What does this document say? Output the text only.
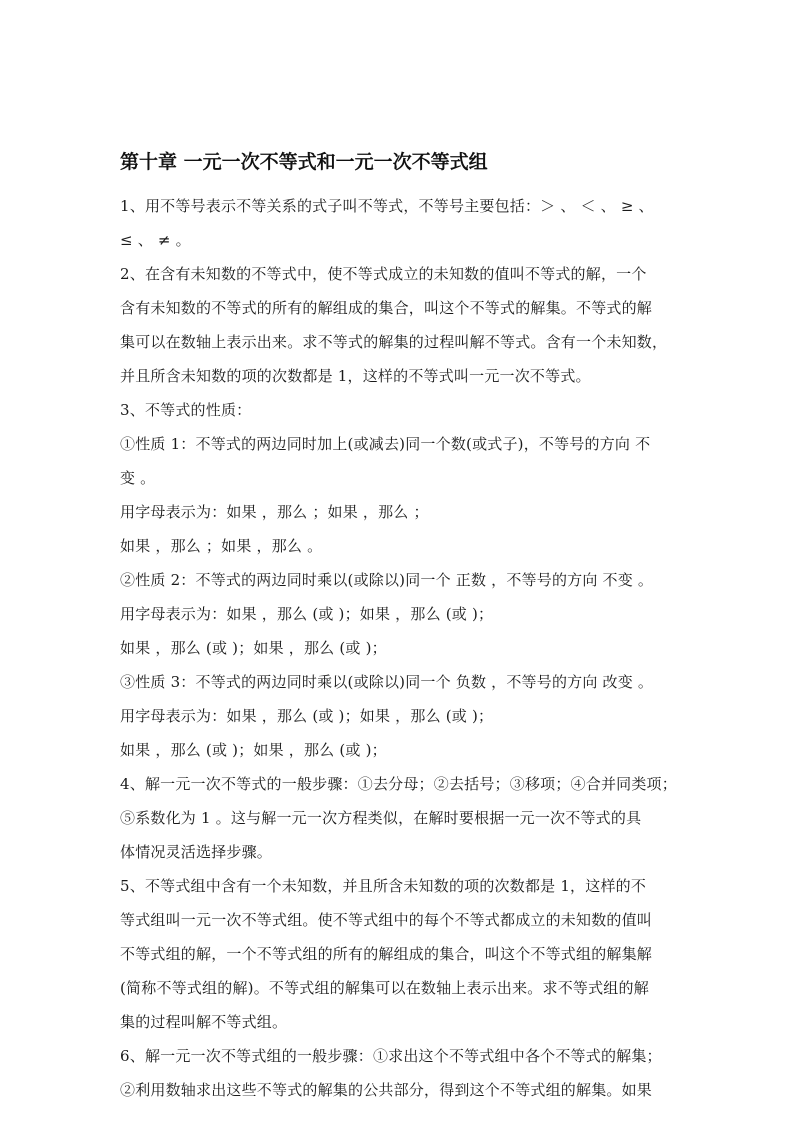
第十章 一元一次不等式和一元一次不等式组
1、用不等号表示不等关系的式子叫不等式，不等号主要包括：＞ 、 ＜ 、 ≥ 、
≤ 、 ≠ 。
2、在含有未知数的不等式中，使不等式成立的未知数的值叫不等式的解，一个
含有未知数的不等式的所有的解组成的集合，叫这个不等式的解集。不等式的解
集可以在数轴上表示出来。求不等式的解集的过程叫解不等式。含有一个未知数，
并且所含未知数的项的次数都是 1，这样的不等式叫一元一次不等式。
3、不等式的性质：
①性质 1：不等式的两边同时加上(或减去)同一个数(或式子)，不等号的方向 不
变 。
用字母表示为：如果 ，那么 ；如果 ，那么 ；
如果 ，那么 ；如果 ，那么 。
②性质 2：不等式的两边同时乘以(或除以)同一个 正数 ，不等号的方向 不变 。
用字母表示为：如果 ，那么 (或 )；如果 ，那么 (或 )；
如果 ，那么 (或 )；如果 ，那么 (或 )；
③性质 3：不等式的两边同时乘以(或除以)同一个 负数 ，不等号的方向 改变 。
用字母表示为：如果 ，那么 (或 )；如果 ，那么 (或 )；
如果 ，那么 (或 )；如果 ，那么 (或 )；
4、解一元一次不等式的一般步骤：①去分母；②去括号；③移项；④合并同类项；
⑤系数化为 1 。这与解一元一次方程类似，在解时要根据一元一次不等式的具
体情况灵活选择步骤。
5、不等式组中含有一个未知数，并且所含未知数的项的次数都是 1，这样的不
等式组叫一元一次不等式组。使不等式组中的每个不等式都成立的未知数的值叫
不等式组的解，一个不等式组的所有的解组成的集合，叫这个不等式组的解集解
(简称不等式组的解)。不等式组的解集可以在数轴上表示出来。求不等式组的解
集的过程叫解不等式组。
6、解一元一次不等式组的一般步骤：①求出这个不等式组中各个不等式的解集；
②利用数轴求出这些不等式的解集的公共部分，得到这个不等式组的解集。如果
